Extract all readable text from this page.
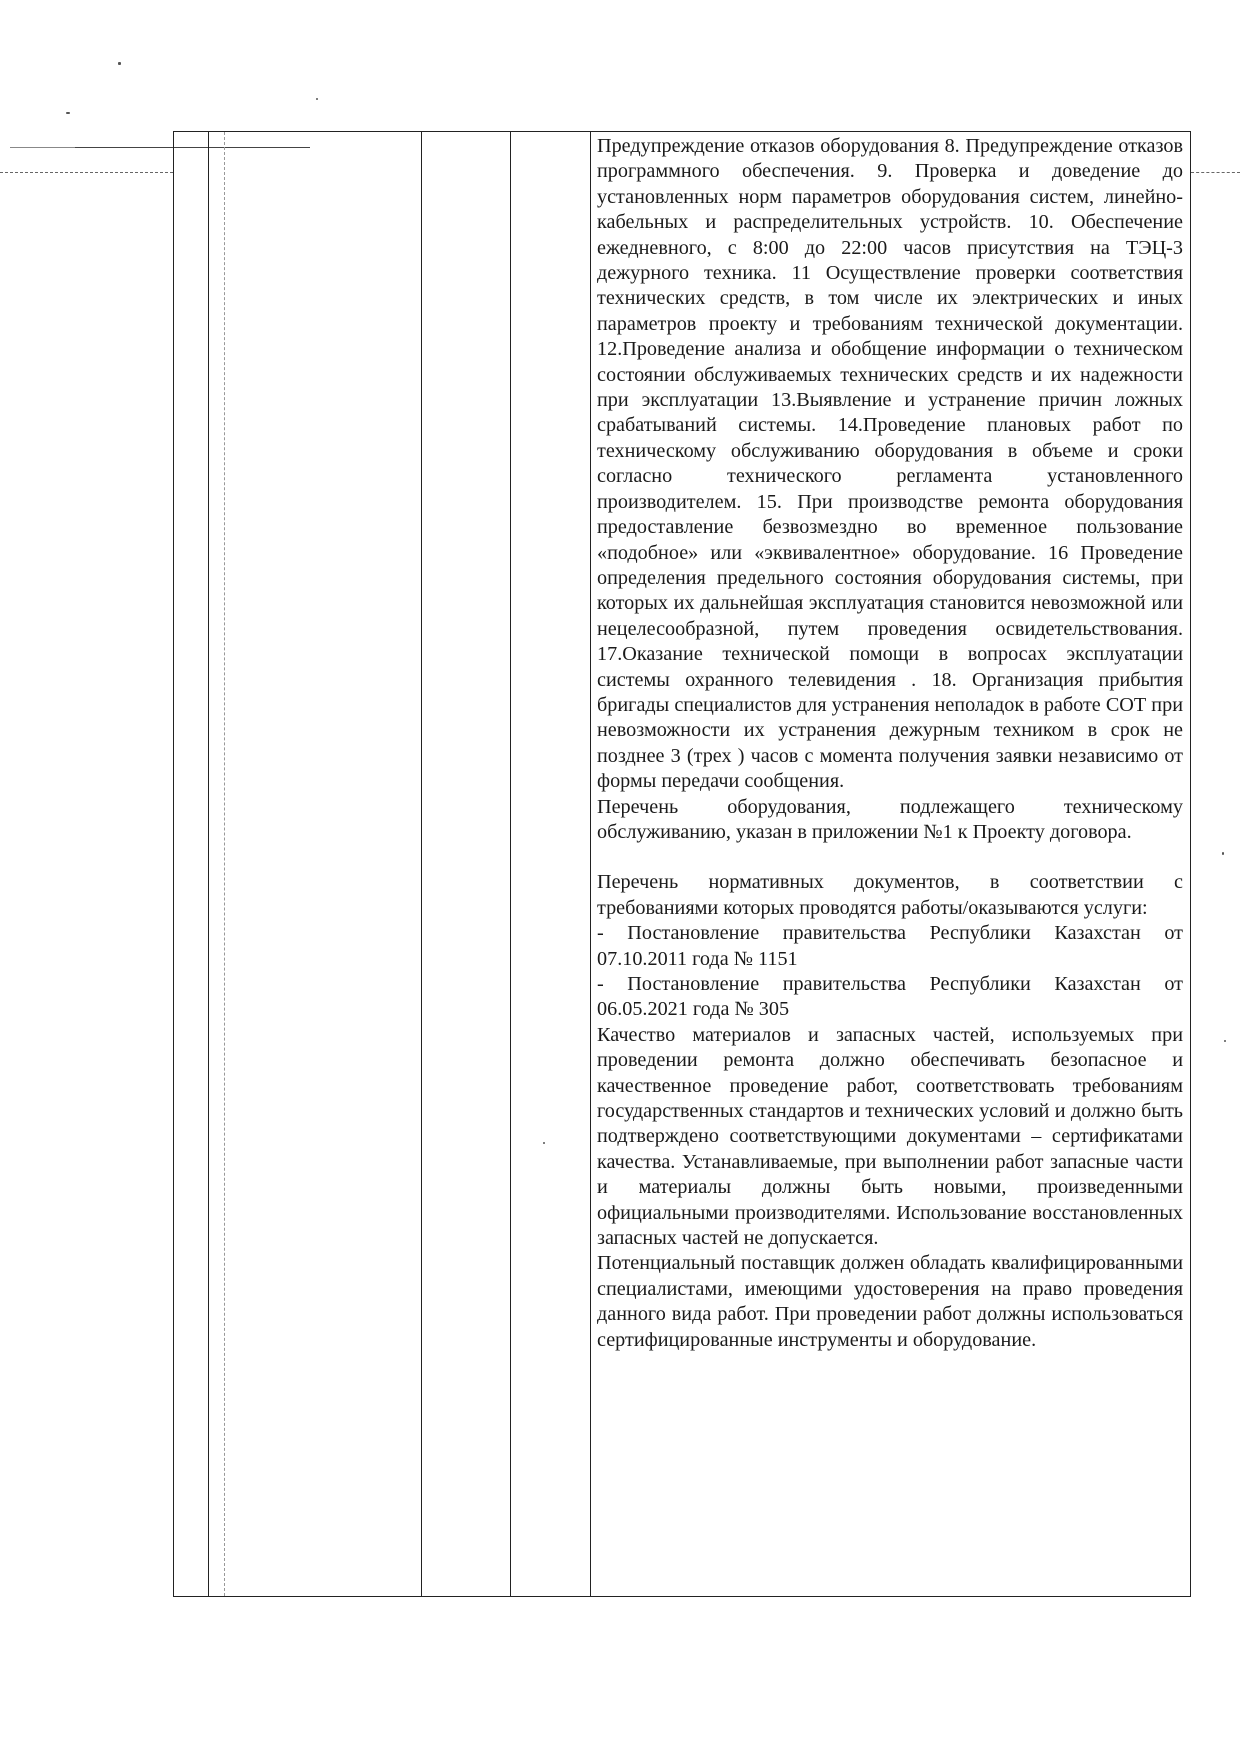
Предупреждение отказов оборудования 8. Предупреждение отказов программного обеспечения. 9. Проверка и доведение до установленных норм параметров оборудования систем, линейно-кабельных и распределительных устройств. 10. Обеспечение ежедневного, с 8:00 до 22:00 часов присутствия на ТЭЦ-3 дежурного техника. 11 Осуществление проверки соответствия технических средств, в том числе их электрических и иных параметров проекту и требованиям технической документации. 12.Проведение анализа и обобщение информации о техническом состоянии обслуживаемых технических средств и их надежности при эксплуатации 13.Выявление и устранение причин ложных срабатываний системы. 14.Проведение плановых работ по техническому обслуживанию оборудования в объеме и сроки согласно технического регламента установленного производителем. 15. При производстве ремонта оборудования предоставление безвозмездно во временное пользование «подобное» или «эквивалентное» оборудование. 16 Проведение определения предельного состояния оборудования системы, при которых их дальнейшая эксплуатация становится невозможной или нецелесообразной, путем проведения освидетельствования. 17.Оказание технической помощи в вопросах эксплуатации системы охранного телевидения . 18. Организация прибытия бригады специалистов для устранения неполадок в работе СОТ при невозможности их устранения дежурным техником в срок не позднее 3 (трех ) часов с момента получения заявки независимо от формы передачи сообщения.

Перечень оборудования, подлежащего техническому обслуживанию, указан в приложении №1 к Проекту договора.

Перечень нормативных документов, в соответствии с требованиями которых проводятся работы/оказываются услуги:

- Постановление правительства Республики Казахстан от 07.10.2011 года № 1151

- Постановление правительства Республики Казахстан от 06.05.2021 года № 305

Качество материалов и запасных частей, используемых при проведении ремонта должно обеспечивать безопасное и качественное проведение работ, соответствовать требованиям государственных стандартов и технических условий и должно быть подтверждено соответствующими документами – сертификатами качества. Устанавливаемые, при выполнении работ запасные части и материалы должны быть новыми, произведенными официальными производителями. Использование восстановленных запасных частей не допускается.

Потенциальный поставщик должен обладать квалифицированными специалистами, имеющими удостоверения на право проведения данного вида работ. При проведении работ должны использоваться сертифицированные инструменты и оборудование.
